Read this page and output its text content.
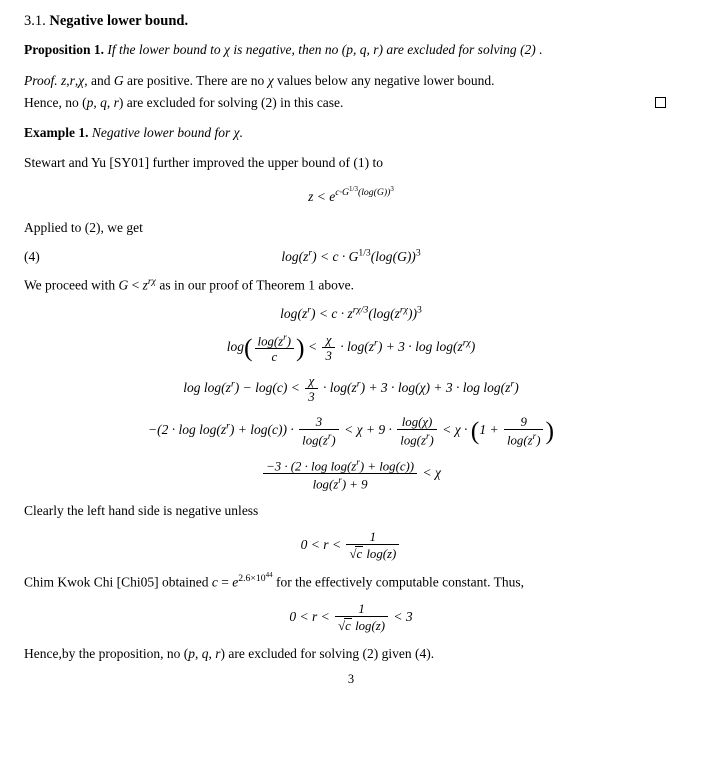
3.1. Negative lower bound.
Proposition 1. If the lower bound to χ is negative, then no (p, q, r) are excluded for solving (2) .
Proof. z,r,χ, and G are positive. There are no χ values below any negative lower bound.
Hence, no (p, q, r) are excluded for solving (2) in this case.
Example 1. Negative lower bound for χ.
Stewart and Yu [SY01] further improved the upper bound of (1) to
$z < e^{c\cdot G^{1/3}(log(G))^3}$
Applied to (2), we get
(4)	$\log(z^r) < c \cdot G^{1/3}(\log(G))^3$
We proceed with $G < z^{r\chi}$ as in our proof of Theorem 1 above.
$\log(z^r) < c \cdot z^{r\chi/3}(\log(z^{r\chi}))^3$
$\log( \frac{\log(z^r)}{c}$ ) < $\frac{\chi}{3} \cdot \log(z^r) + 3 \cdot \log \log(z^{r\chi})$
$\log \log(z^r) - \log(c) < \frac{\chi}{3} \cdot \log(z^r) + 3 \cdot \log(\chi) + 3 \cdot \log \log(z^r)$
$-(2 \cdot \log \log(z^r) + \log(c)) \cdot \frac{3}{\log(z^r)} < \chi + 9 \cdot \frac{\log(\chi)}{\log(z^r)} < \chi \cdot (1 + \frac{9}{\log(z^r)}$ )
$\frac{-3 \cdot (2 \cdot \log \log(z^r) + \log(c))}{\log(z^r) + 9} < \chi$
Clearly the left hand side is negative unless
$0 < r < \frac{1}{\text{√c log(z)}}$
Chim Kwok Chi [Chi05] obtained $c = e^{2.6\times 10^{44}}$ for the effectively computable constant. Thus,
$0 < r < \frac{1}{\text{√c log(z)}} < 3$
Hence,by the proposition, no (p, q, r) are excluded for solving (2) given (4).
3
